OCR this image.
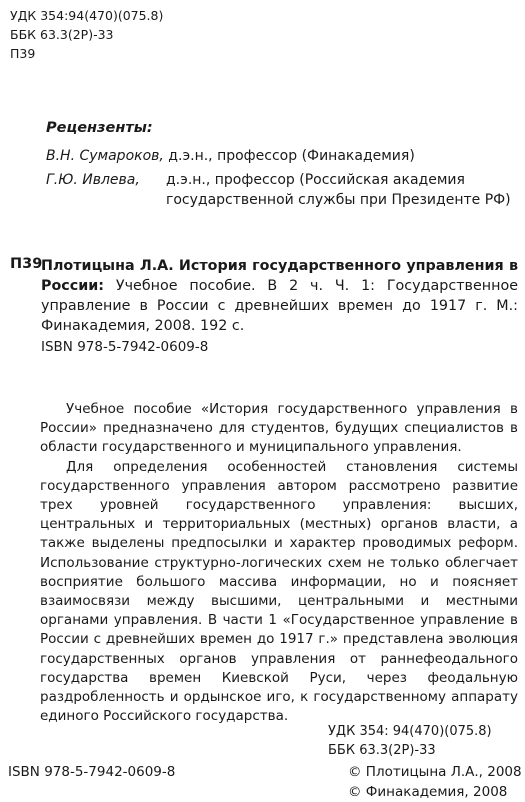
УДК 354:94(470)(075.8)
ББК 63.3(2Р)-33
П39
Рецензенты:
В.Н. Сумароков, д.э.н., профессор (Финакадемия)
Г.Ю. Ивлева, д.э.н., профессор (Российская академия
государственной службы при Президенте РФ)
П39
Плотицына Л.А. История государственного управления в России: Учебное пособие. В 2 ч. Ч. 1: Государственное управление в России с древнейших времен до 1917 г. М.: Финакадемия, 2008. 192 с.
ISBN 978-5-7942-0609-8

Учебное пособие «История государственного управления в России» предназначено для студентов, будущих специалистов в области государственного и муниципального управления.

Для определения особенностей становления системы государственного управления автором рассмотрено развитие трех уровней государственного управления: высших, центральных и территориальных (местных) органов власти, а также выделены предпосылки и характер проводимых реформ. Использование структурно-логических схем не только облегчает восприятие большого массива информации, но и поясняет взаимосвязи между высшими, центральными и местными органами управления. В части 1 «Государственное управление в России с древнейших времен до 1917 г.» представлена эволюция государственных органов управления от раннефеодального государства времен Киевской Руси, через феодальную раздробленность и ордынское иго, к государственному аппарату единого Российского государства.

УДК 354: 94(470)(075.8)
ББК 63.3(2Р)-33
ISBN 978-5-7942-0609-8	© Плотицына Л.А., 2008
© Финакадемия, 2008
